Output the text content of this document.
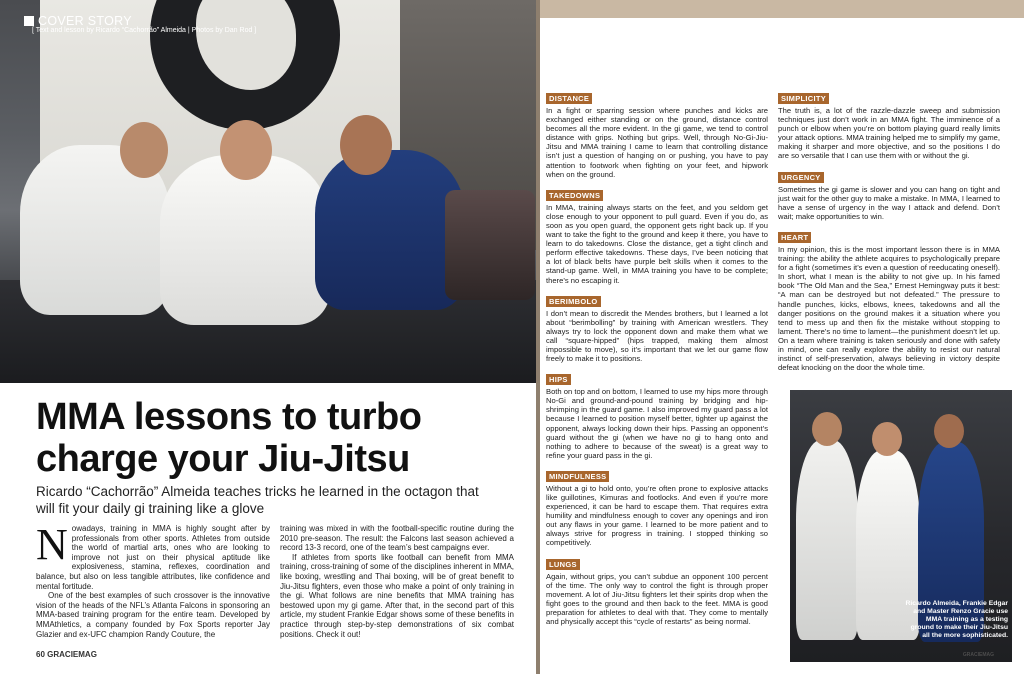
COVER STORY
[ Text and lesson by Ricardo “Cachorrão” Almeida | Photos by Dan Rod ]
MMA lessons to turbo charge your Jiu-Jitsu
Ricardo “Cachorrão” Almeida teaches tricks he learned in the octagon that will fit your daily gi training like a glove

Nowadays, training in MMA is highly sought after by professionals from other sports. Athletes from outside the world of martial arts, ones who are looking to improve not just on their physical aptitude like explosiveness, stamina, reflexes, coordination and balance, but also on less tangible attributes, like confidence and mental fortitude.

One of the best examples of such crossover is the innovative vision of the heads of the NFL’s Atlanta Falcons in sponsoring an MMA-based training program for the entire team. Developed by MMAthletics, a company founded by Fox Sports reporter Jay Glazier and ex-UFC champion Randy Couture, the

training was mixed in with the football-specific routine during the 2010 pre-season. The result: the Falcons last season achieved a record 13-3 record, one of the team’s best campaigns ever.

If athletes from sports like football can benefit from MMA training, cross-training of some of the disciplines inherent in MMA, like boxing, wrestling and Thai boxing, will be of great benefit to Jiu-Jitsu fighters, even those who make a point of only training in the gi. What follows are nine benefits that MMA training has bestowed upon my gi game. After that, in the second part of this article, my student Frankie Edgar shows some of these benefits in practice through step-by-step demonstrations of six combat positions. Check it out!

60 GRACIEMAG
DISTANCE
In a fight or sparring session where punches and kicks are exchanged either standing or on the ground, distance control becomes all the more evident. In the gi game, we tend to control distance with grips. Nothing but grips. Well, through No-Gi-Jiu-Jitsu and MMA training I came to learn that controlling distance isn’t just a question of hanging on or pushing, you have to pay attention to footwork when fighting on your feet, and hipwork when on the ground.
TAKEDOWNS
In MMA, training always starts on the feet, and you seldom get close enough to your opponent to pull guard. Even if you do, as soon as you open guard, the opponent gets right back up. If you want to take the fight to the ground and keep it there, you have to learn to do takedowns. Close the distance, get a tight clinch and perform effective takedowns. These days, I’ve been noticing that a lot of black belts have purple belt skills when it comes to the stand-up game. Well, in MMA training you have to be complete; there’s no escaping it.
BERIMBOLO
I don’t mean to discredit the Mendes brothers, but I learned a lot about “berimbolling” by training with American wrestlers. They always try to lock the opponent down and make them what we call “square-hipped” (hips trapped, making them almost impossible to move), so it’s important that we let our game flow freely to make it to positions.
HIPS
Both on top and on bottom, I learned to use my hips more through No-Gi and ground-and-pound training by bridging and hip-shrimping in the guard game. I also improved my guard pass a lot because I learned to position myself better, tighter up against the opponent, always locking down their hips. Passing an opponent’s guard without the gi (when we have no gi to hang onto and nothing to adhere to because of the sweat) is a great way to refine your guard pass in the gi.
MINDFULNESS
Without a gi to hold onto, you’re often prone to explosive attacks like guillotines, Kimuras and footlocks. And even if you’re more experienced, it can be hard to escape them. That requires extra humility and mindfulness enough to cover any openings and iron out any flaws in your game. I learned to be more patient and to always strive for progress in training. I stopped thinking so competitively.
LUNGS
Again, without grips, you can’t subdue an opponent 100 percent of the time. The only way to control the fight is through proper movement. A lot of Jiu-Jitsu fighters let their spirits drop when the fight goes to the ground and then back to the feet. MMA is good preparation for athletes to deal with that. They come to mentally and physically accept this “cycle of restarts” as being normal.
SIMPLICITY
The truth is, a lot of the razzle-dazzle sweep and submission techniques just don’t work in an MMA fight. The imminence of a punch or elbow when you’re on bottom playing guard really limits your attack options. MMA training helped me to simplify my game, making it sharper and more objective, and so the positions I do are so versatile that I can use them with or without the gi.
URGENCY
Sometimes the gi game is slower and you can hang on tight and just wait for the other guy to make a mistake. In MMA, I learned to have a sense of urgency in the way I attack and defend. Don’t wait; make opportunities to win.
HEART
In my opinion, this is the most important lesson there is in MMA training: the ability the athlete acquires to psychologically prepare for a fight (sometimes it’s even a question of reeducating oneself). In short, what I mean is the ability to not give up. In his famed book “The Old Man and the Sea,” Ernest Hemingway puts it best: “A man can be destroyed but not defeated.” The pressure to handle punches, kicks, elbows, knees, takedowns and all the danger positions on the ground makes it a situation where you tend to mess up and then fix the mistake without stopping to lament. There’s no time to lament—the punishment doesn’t let up. On a team where training is taken seriously and done with safety in mind, one can really explore the ability to resist our natural instinct of self-preservation, always believing in victory despite defeat knocking on the door the whole time.
Ricardo Almeida, Frankie Edgar and Master Renzo Gracie use MMA training as a testing ground to make their Jiu-Jitsu all the more sophisticated.
GRACIEMAG
